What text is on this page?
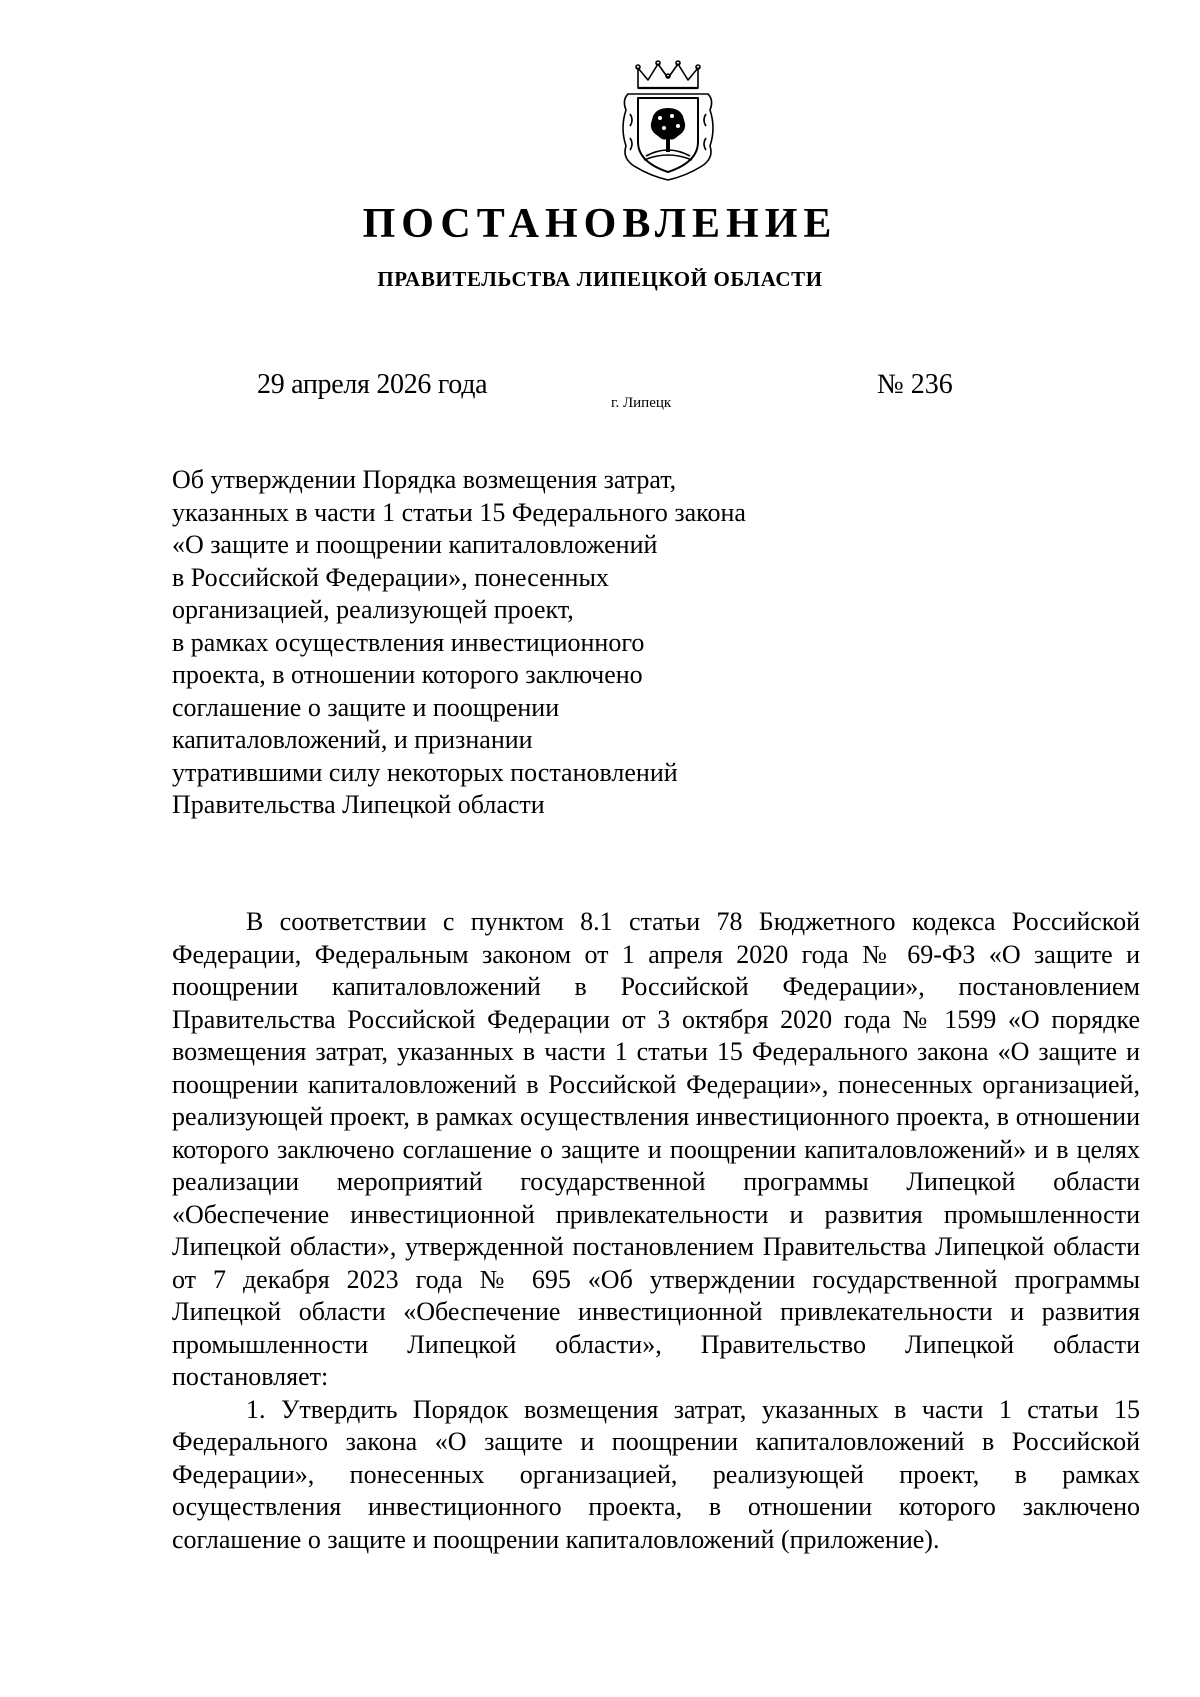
ПОСТАНОВЛЕНИЕ
ПРАВИТЕЛЬСТВА ЛИПЕЦКОЙ ОБЛАСТИ
29 апреля 2026 года
г. Липецк
№ 236
Об утверждении Порядка возмещения затрат,
указанных в части 1 статьи 15 Федерального закона
«О защите и поощрении капиталовложений
в Российской Федерации», понесенных
организацией, реализующей проект,
в рамках осуществления инвестиционного
проекта, в отношении которого заключено
соглашение о защите и поощрении
капиталовложений, и признании
утратившими силу некоторых постановлений
Правительства Липецкой области

В соответствии с пунктом 8.1 статьи 78 Бюджетного кодекса Российской Федерации, Федеральным законом от 1 апреля 2020 года № 69-ФЗ «О защите и поощрении капиталовложений в Российской Федерации», постановлением Правительства Российской Федерации от 3 октября 2020 года № 1599 «О порядке возмещения затрат, указанных в части 1 статьи 15 Федерального закона «О защите и поощрении капиталовложений в Российской Федерации», понесенных организацией, реализующей проект, в рамках осуществления инвестиционного проекта, в отношении которого заключено соглашение о защите и поощрении капиталовложений» и в целях реализации мероприятий государственной программы Липецкой области «Обеспечение инвестиционной привлекательности и развития промышленности Липецкой области», утвержденной постановлением Правительства Липецкой области от 7 декабря 2023 года № 695 «Об утверждении государственной программы Липецкой области «Обеспечение инвестиционной привлекательности и развития промышленности Липецкой области», Правительство Липецкой области постановляет:

1. Утвердить Порядок возмещения затрат, указанных в части 1 статьи 15 Федерального закона «О защите и поощрении капиталовложений в Российской Федерации», понесенных организацией, реализующей проект, в рамках осуществления инвестиционного проекта, в отношении которого заключено соглашение о защите и поощрении капиталовложений (приложение).
